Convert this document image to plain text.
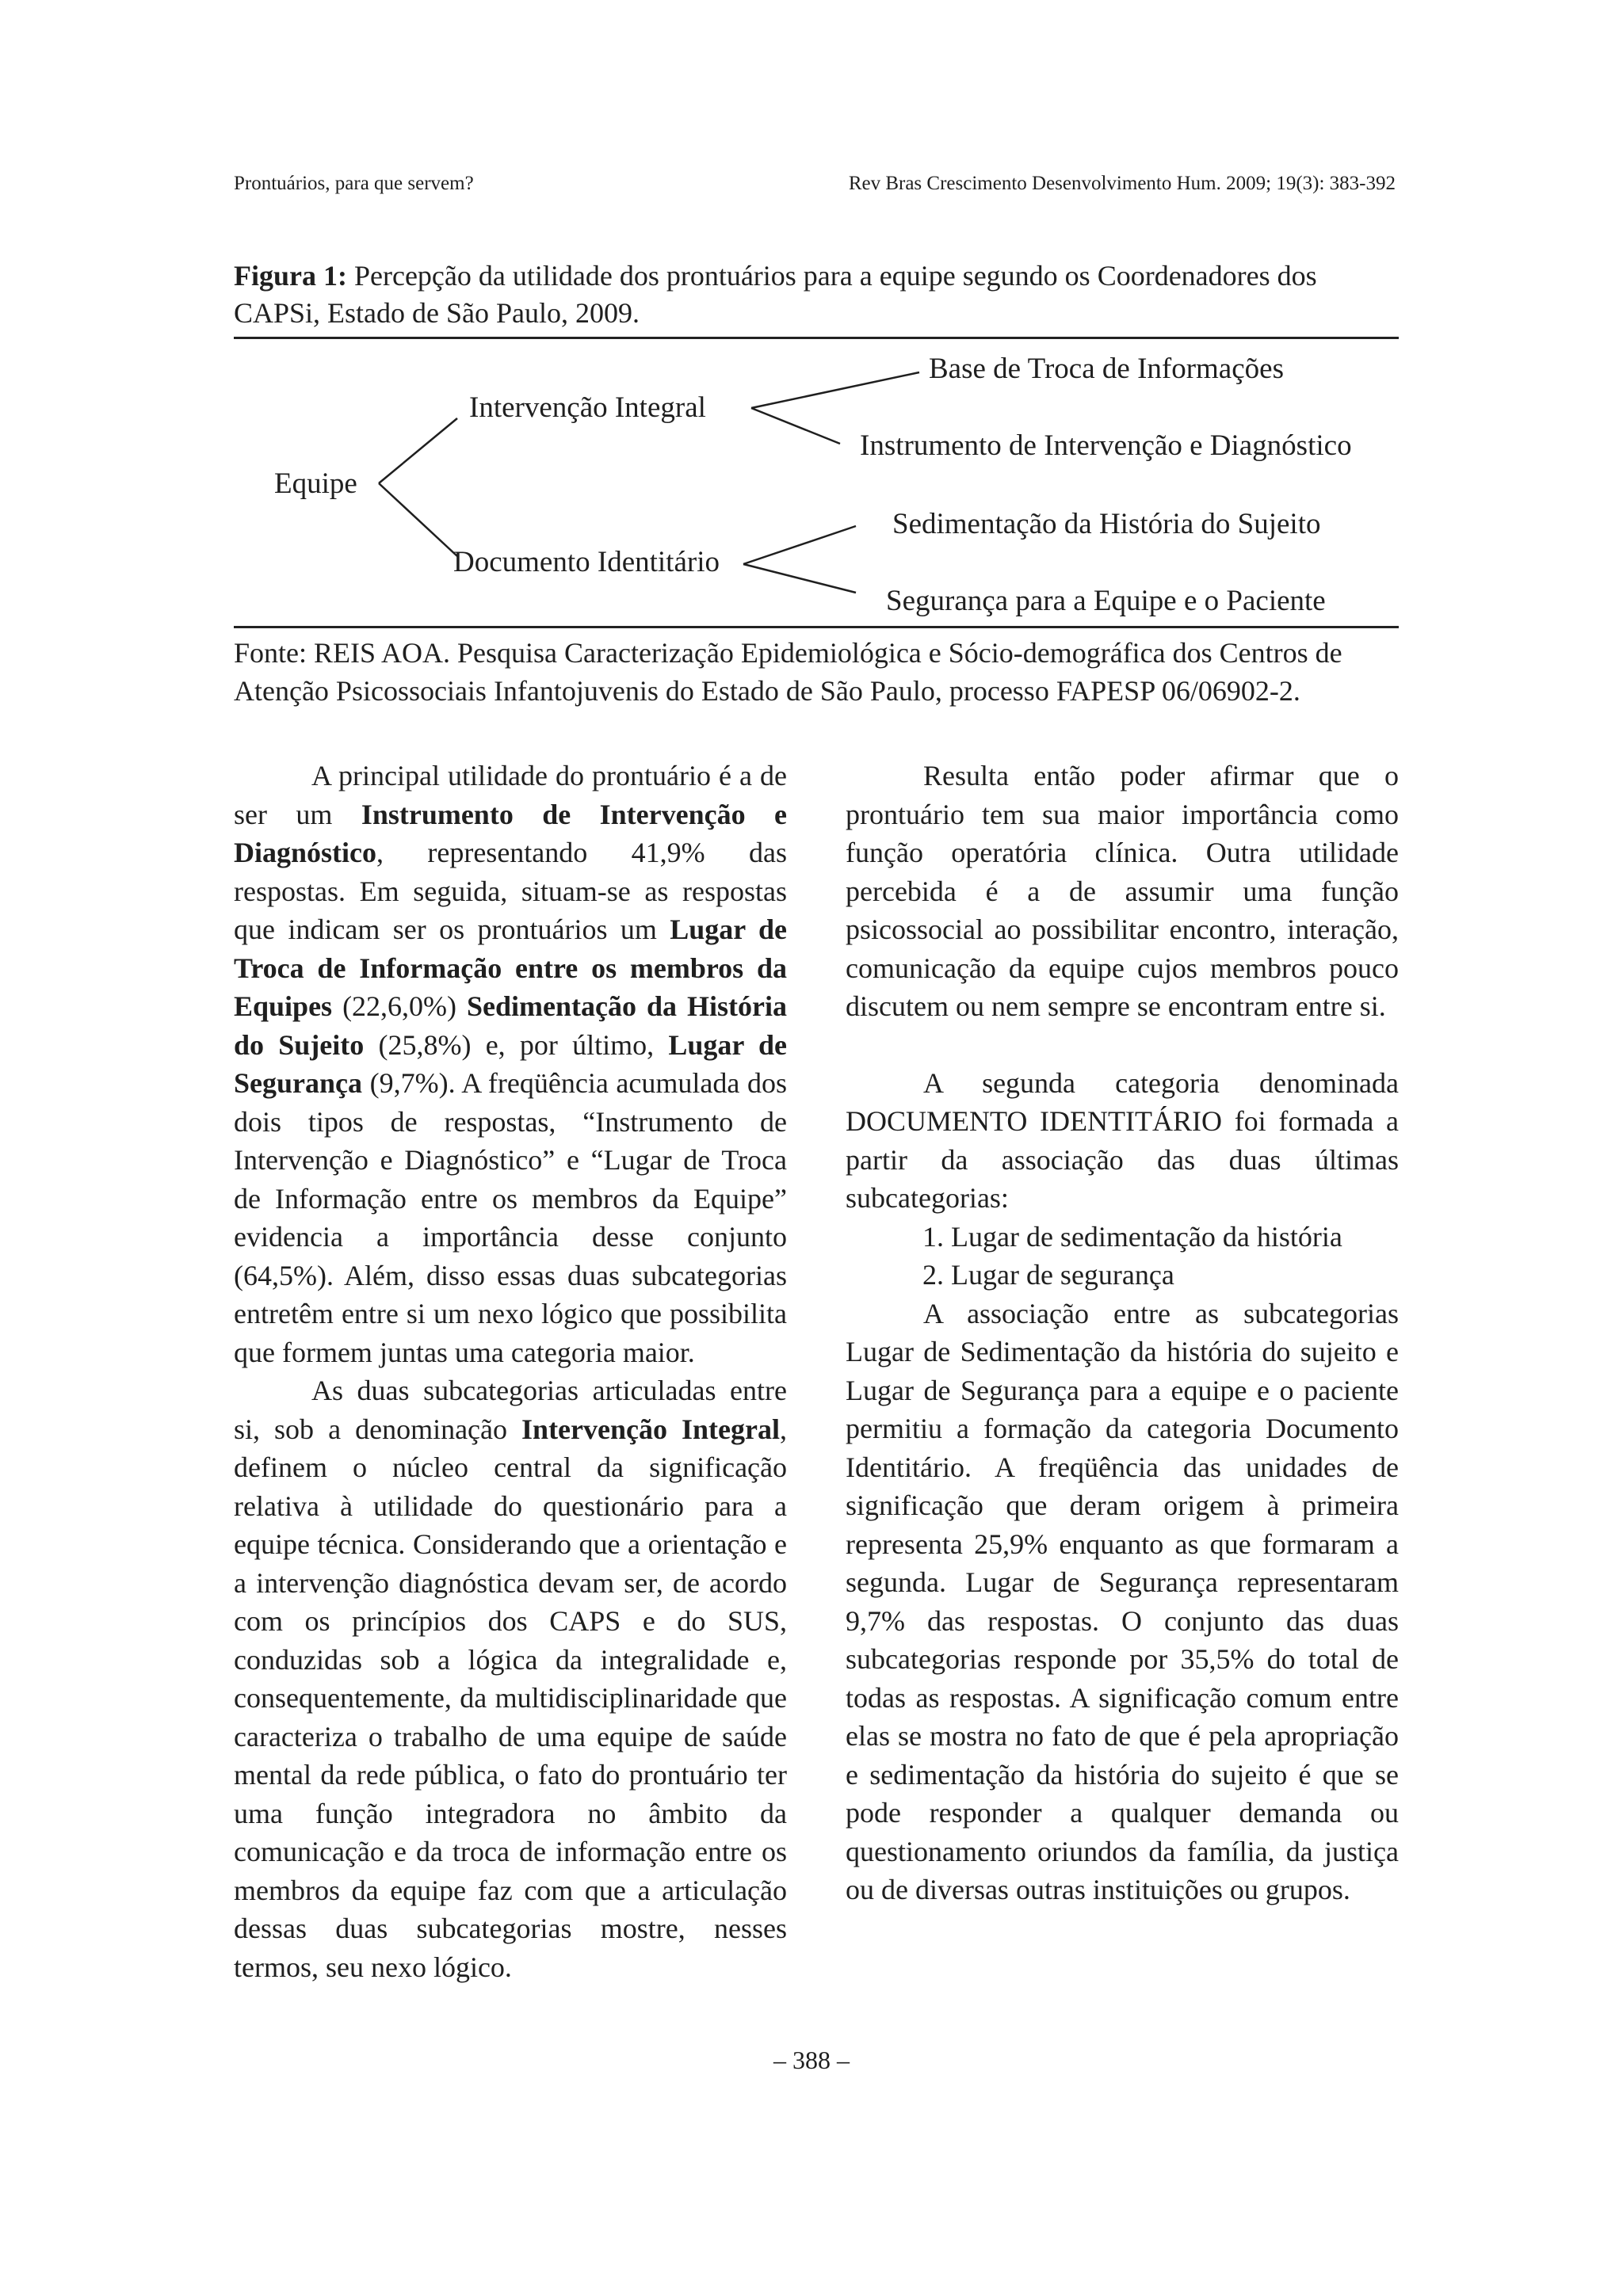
Prontuários, para que servem?	Rev Bras Crescimento Desenvolvimento Hum. 2009; 19(3): 383-392
Figura 1: Percepção da utilidade dos prontuários para a equipe segundo os Coordenadores dos CAPSi, Estado de São Paulo, 2009.
Equipe
Intervenção Integral
Documento Identitário
Base de Troca de Informações
Instrumento de Intervenção e Diagnóstico
Sedimentação da História do Sujeito
Segurança para a Equipe e o Paciente
Fonte: REIS AOA. Pesquisa Caracterização Epidemiológica e Sócio-demográfica dos Centros de Atenção Psicossociais Infantojuvenis do Estado de São Paulo, processo FAPESP 06/06902-2.

A principal utilidade do prontuário é a de ser um Instrumento de Intervenção e Diagnóstico, representando 41,9% das respostas. Em seguida, situam-se as respostas que indicam ser os prontuários um Lugar de Troca de Informação entre os membros da Equipes (22,6,0%) Sedimentação da História do Sujeito (25,8%) e, por último, Lugar de Segurança (9,7%). A freqüência acumulada dos dois tipos de respostas, “Instrumento de Intervenção e Diagnóstico” e “Lugar de Troca de Informação entre os membros da Equipe” evidencia a importância desse conjunto (64,5%). Além, disso essas duas subcategorias entretêm entre si um nexo lógico que possibilita que formem juntas uma categoria maior.

As duas subcategorias articuladas entre si, sob a denominação Intervenção Integral, definem o núcleo central da significação relativa à utilidade do questionário para a equipe técnica. Considerando que a orientação e a intervenção diagnóstica devam ser, de acordo com os princípios dos CAPS e do SUS, conduzidas sob a lógica da integralidade e, consequentemente, da multidisciplinaridade que caracteriza o trabalho de uma equipe de saúde mental da rede pública, o fato do prontuário ter uma função integradora no âmbito da comunicação e da troca de informação entre os membros da equipe faz com que a articulação dessas duas subcategorias mostre, nesses termos, seu nexo lógico.

Resulta então poder afirmar que o prontuário tem sua maior importância como função operatória clínica. Outra utilidade percebida é a de assumir uma função psicossocial ao possibilitar encontro, interação, comunicação da equipe cujos membros pouco discutem ou nem sempre se encontram entre si.

A segunda categoria denominada DOCUMENTO IDENTITÁRIO foi formada a partir da associação das duas últimas subcategorias:

1. Lugar de sedimentação da história
2. Lugar de segurança

A associação entre as subcategorias Lugar de Sedimentação da história do sujeito e Lugar de Segurança para a equipe e o paciente permitiu a formação da categoria Documento Identitário. A freqüência das unidades de significação que deram origem à primeira representa 25,9% enquanto as que formaram a segunda. Lugar de Segurança representaram 9,7% das respostas. O conjunto das duas subcategorias responde por 35,5% do total de todas as respostas. A significação comum entre elas se mostra no fato de que é pela apropriação e sedimentação da história do sujeito é que se pode responder a qualquer demanda ou questionamento oriundos da família, da justiça ou de diversas outras instituições ou grupos.

– 388 –
